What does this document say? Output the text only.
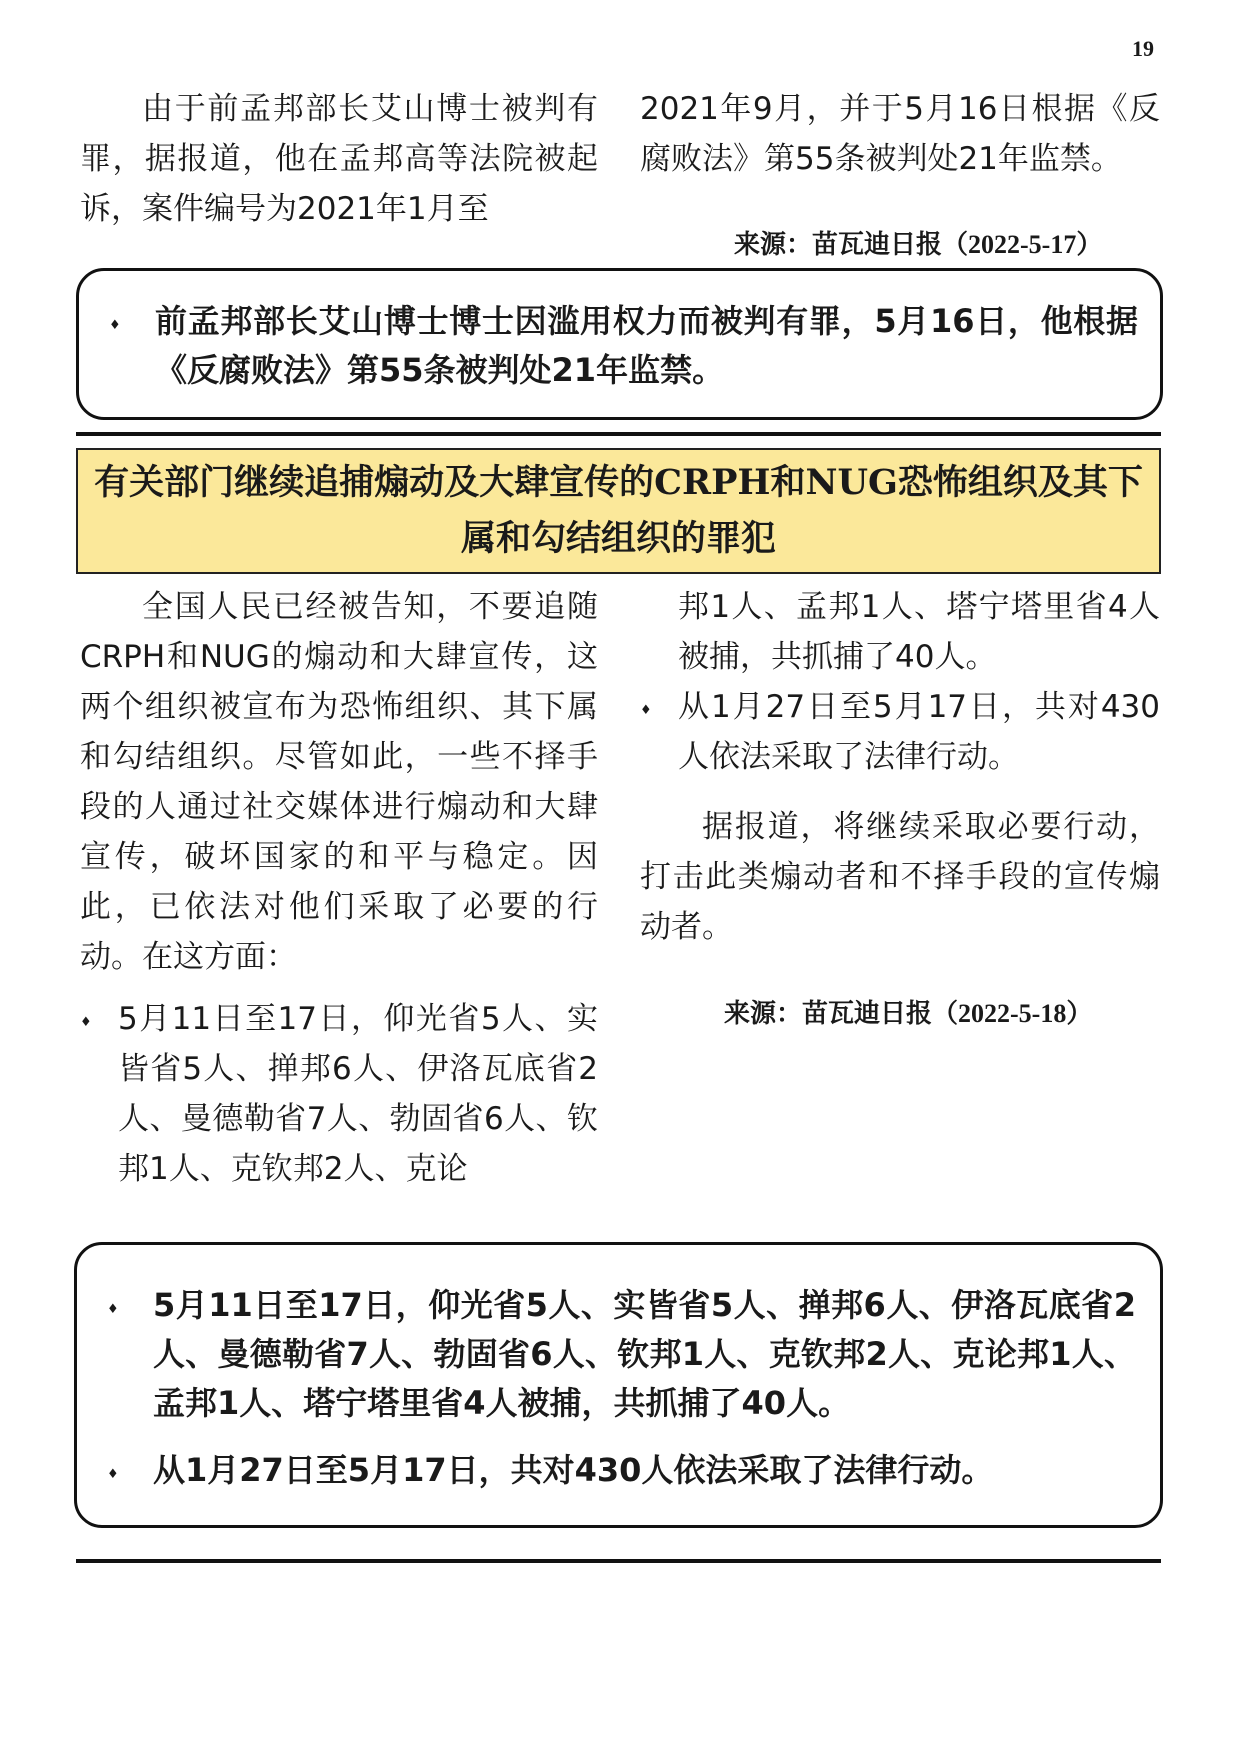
19

由于前孟邦部长艾山博士被判有罪，据报道，他在孟邦高等法院被起诉，案件编号为2021年1月至

2021年9月，并于5月16日根据《反腐败法》第55条被判处21年监禁。

来源：苗瓦迪日报（2022-5-17）
♦ 前孟邦部长艾山博士博士因滥用权力而被判有罪，5月16日，他根据《反腐败法》第55条被判处21年监禁。
有关部门继续追捕煽动及大肆宣传的CRPH和NUG恐怖组织及其下属和勾结组织的罪犯

全国人民已经被告知，不要追随CRPH和NUG的煽动和大肆宣传，这两个组织被宣布为恐怖组织、其下属和勾结组织。尽管如此，一些不择手段的人通过社交媒体进行煽动和大肆宣传，破坏国家的和平与稳定。因此，已依法对他们采取了必要的行动。在这方面：

♦ 5月11日至17日，仰光省5人、实皆省5人、掸邦6人、伊洛瓦底省2人、曼德勒省7人、勃固省6人、钦邦1人、克钦邦2人、克论
邦1人、孟邦1人、塔宁塔里省4人被捕，共抓捕了40人。
♦ 从1月27日至5月17日，共对430人依法采取了法律行动。

据报道，将继续采取必要行动，打击此类煽动者和不择手段的宣传煽动者。

来源：苗瓦迪日报（2022-5-18）
♦ 5月11日至17日，仰光省5人、实皆省5人、掸邦6人、伊洛瓦底省2人、曼德勒省7人、勃固省6人、钦邦1人、克钦邦2人、克论邦1人、孟邦1人、塔宁塔里省4人被捕，共抓捕了40人。
♦ 从1月27日至5月17日，共对430人依法采取了法律行动。
